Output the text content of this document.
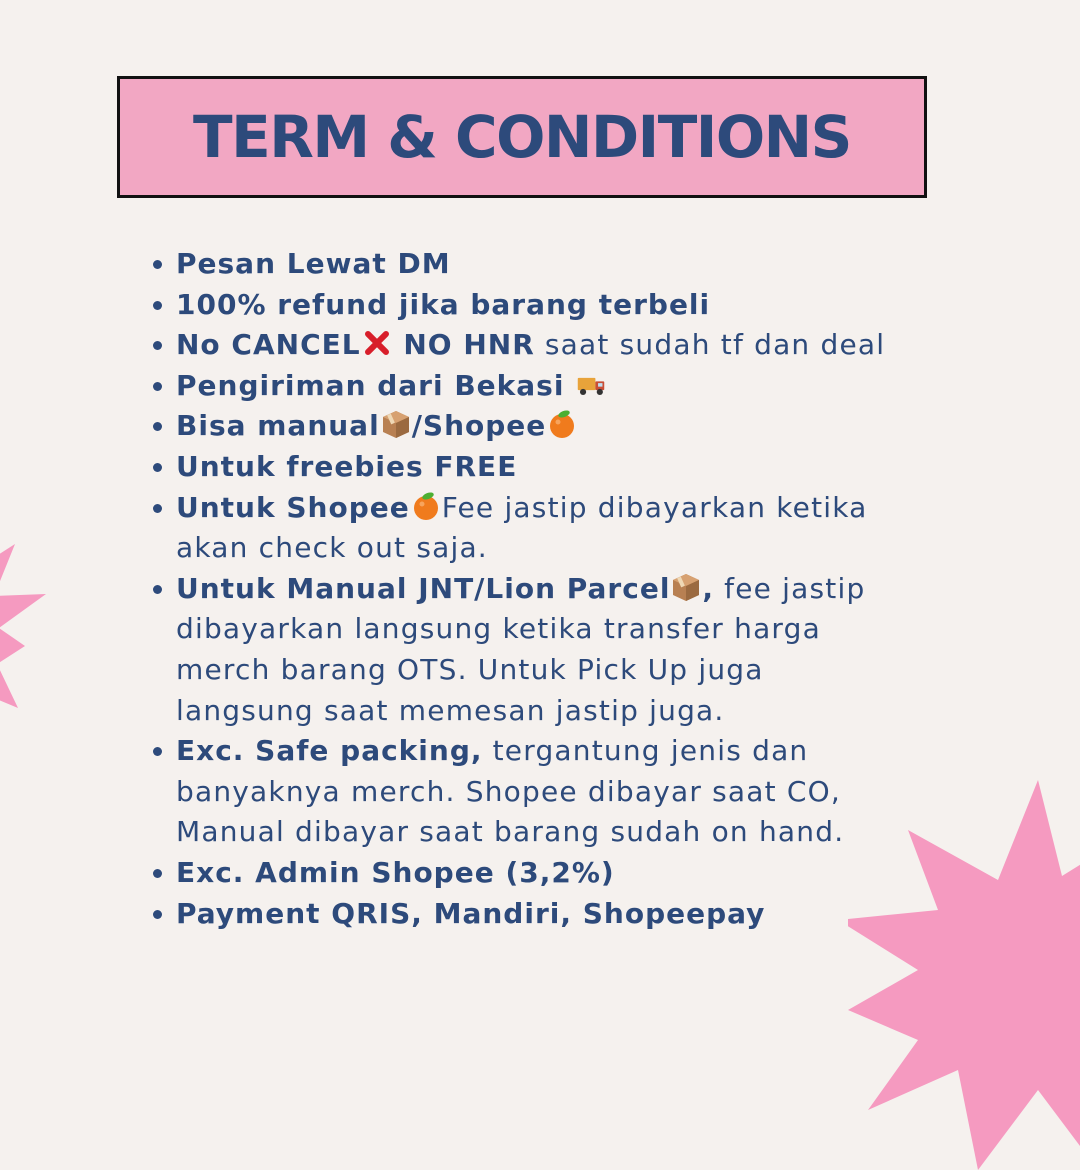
TERM & CONDITIONS
Pesan Lewat DM
100% refund jika barang terbeli
No CANCEL
NO HNR saat sudah tf dan deal
Pengiriman dari Bekasi
Bisa manual /Shopee
Untuk freebies FREE
Untuk Shopee Fee jastip dibayarkan ketika
akan check out saja.
Untuk Manual JNT/Lion Parcel , fee jastip
dibayarkan langsung ketika transfer harga
merch barang OTS. Untuk Pick Up juga
langsung saat memesan jastip juga.
Exc. Safe packing, tergantung jenis dan
banyaknya merch. Shopee dibayar saat CO,
Manual dibayar saat barang sudah on hand.
Exc. Admin Shopee (3,2%)
Payment QRIS, Mandiri, Shopeepay
